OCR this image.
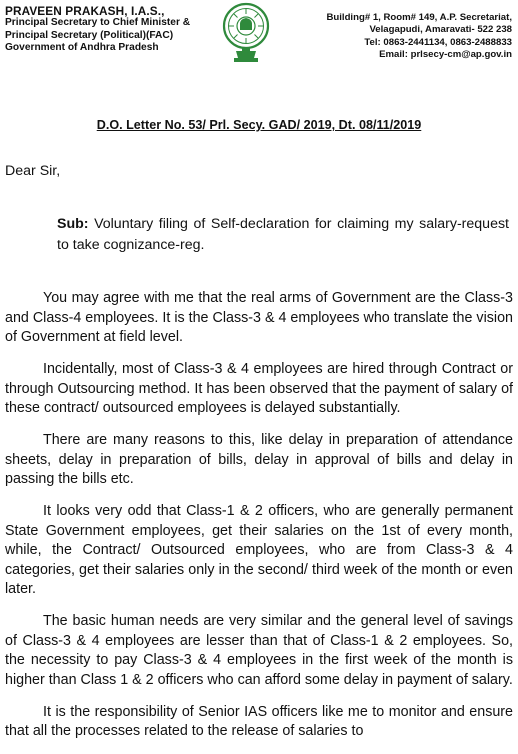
PRAVEEN PRAKASH, I.A.S.,
Principal Secretary to Chief Minister &
Principal Secretary (Political)(FAC)
Government of Andhra Pradesh
Building# 1, Room# 149, A.P. Secretariat,
Velagapudi, Amaravati- 522 238
Tel: 0863-2441134, 0863-2488833
Email: prlsecy-cm@ap.gov.in
D.O. Letter No. 53/ Prl. Secy. GAD/ 2019, Dt. 08/11/2019
Dear Sir,
Sub: Voluntary filing of Self-declaration for claiming my salary-request to take cognizance-reg.

You may agree with me that the real arms of Government are the Class-3 and Class-4 employees. It is the Class-3 & 4 employees who translate the vision of Government at field level.

Incidentally, most of Class-3 & 4 employees are hired through Contract or through Outsourcing method. It has been observed that the payment of salary of these contract/ outsourced employees is delayed substantially.

There are many reasons to this, like delay in preparation of attendance sheets, delay in preparation of bills, delay in approval of bills and delay in passing the bills etc.

It looks very odd that Class-1 & 2 officers, who are generally permanent State Government employees, get their salaries on the 1st of every month, while, the Contract/ Outsourced employees, who are from Class-3 & 4 categories, get their salaries only in the second/ third week of the month or even later.

The basic human needs are very similar and the general level of savings of Class-3 & 4 employees are lesser than that of Class-1 & 2 employees. So, the necessity to pay Class-3 & 4 employees in the first week of the month is higher than Class 1 & 2 officers who can afford some delay in payment of salary.

It is the responsibility of Senior IAS officers like me to monitor and ensure that all the processes related to the release of salaries to
